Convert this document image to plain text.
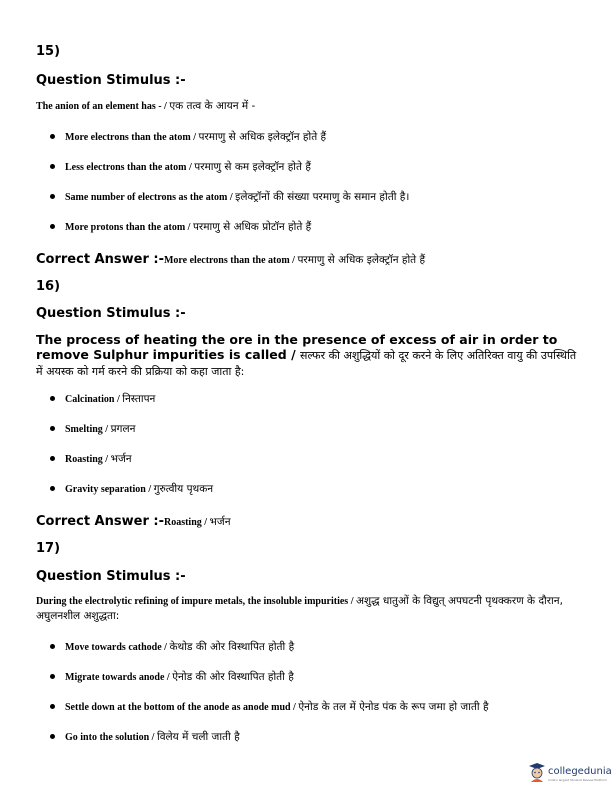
15)
Question Stimulus :-
The anion of an element has - / एक तत्व के आयन में -
More electrons than the atom / परमाणु से अधिक इलेक्ट्रॉन होते हैं
Less electrons than the atom / परमाणु से कम इलेक्ट्रॉन होते हैं
Same number of electrons as the atom / इलेक्ट्रॉनों की संख्या परमाणु के समान होती है।
More protons than the atom / परमाणु से अधिक प्रोटॉन होते हैं
Correct Answer :-More electrons than the atom / परमाणु से अधिक इलेक्ट्रॉन होते हैं
16)
Question Stimulus :-
The process of heating the ore in the presence of excess of air in order to remove Sulphur impurities is called / सल्फर की अशुद्धियों को दूर करने के लिए अतिरिक्त वायु की उपस्थिति में अयस्क को गर्म करने की प्रक्रिया को कहा जाता है:
Calcination / निस्तापन
Smelting / प्रगलन
Roasting / भर्जन
Gravity separation / गुरुत्वीय पृथकन
Correct Answer :-Roasting / भर्जन
17)
Question Stimulus :-
During the electrolytic refining of impure metals, the insoluble impurities / अशुद्ध धातुओं के विद्युत् अपघटनी पृथक्करण के दौरान, अघुलनशील अशुद्धता:
Move towards cathode / केथोड की ओर विस्थापित होती है
Migrate towards anode / ऐनोड की ओर विस्थापित होती है
Settle down at the bottom of the anode as anode mud / ऐनोड के तल में ऐनोड पंक के रूप जमा हो जाती है
Go into the solution / विलेय में चली जाती है
collegedunia
India's largest Student Review Platform
